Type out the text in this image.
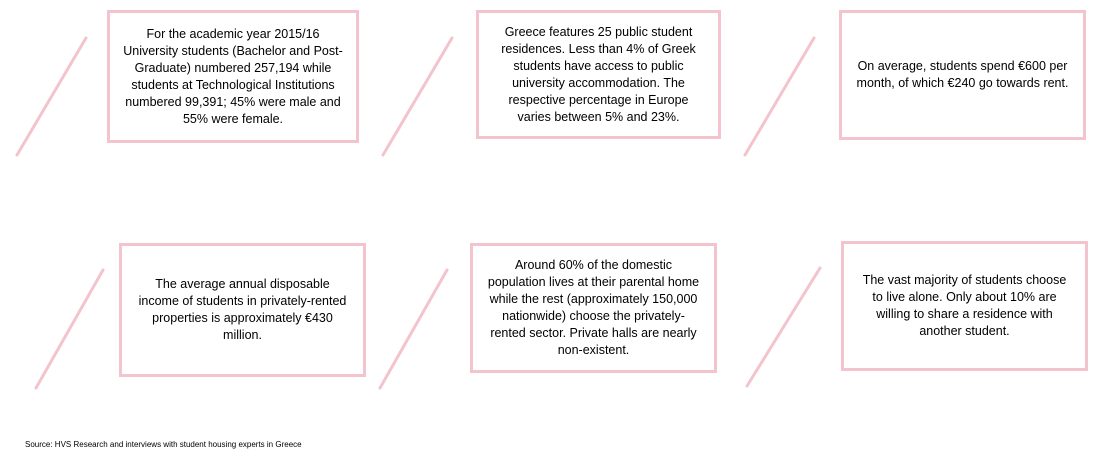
For the academic year 2015/16 University students (Bachelor and Post-Graduate) numbered 257,194 while students at Technological Institutions numbered 99,391; 45% were male and 55% were female.

Greece features 25 public student residences. Less than 4% of Greek students have access to public university accommodation. The respective percentage in Europe varies between 5% and 23%.

On average, students spend €600 per month, of which €240 go towards rent.

The average annual disposable income of students in privately-rented properties is approximately €430 million.

Around 60% of the domestic population lives at their parental home while the rest (approximately 150,000 nationwide) choose the privately-rented sector. Private halls are nearly non-existent.

The vast majority of students choose to live alone. Only about 10% are willing to share a residence with another student.

Source: HVS Research and interviews with student housing experts in Greece
